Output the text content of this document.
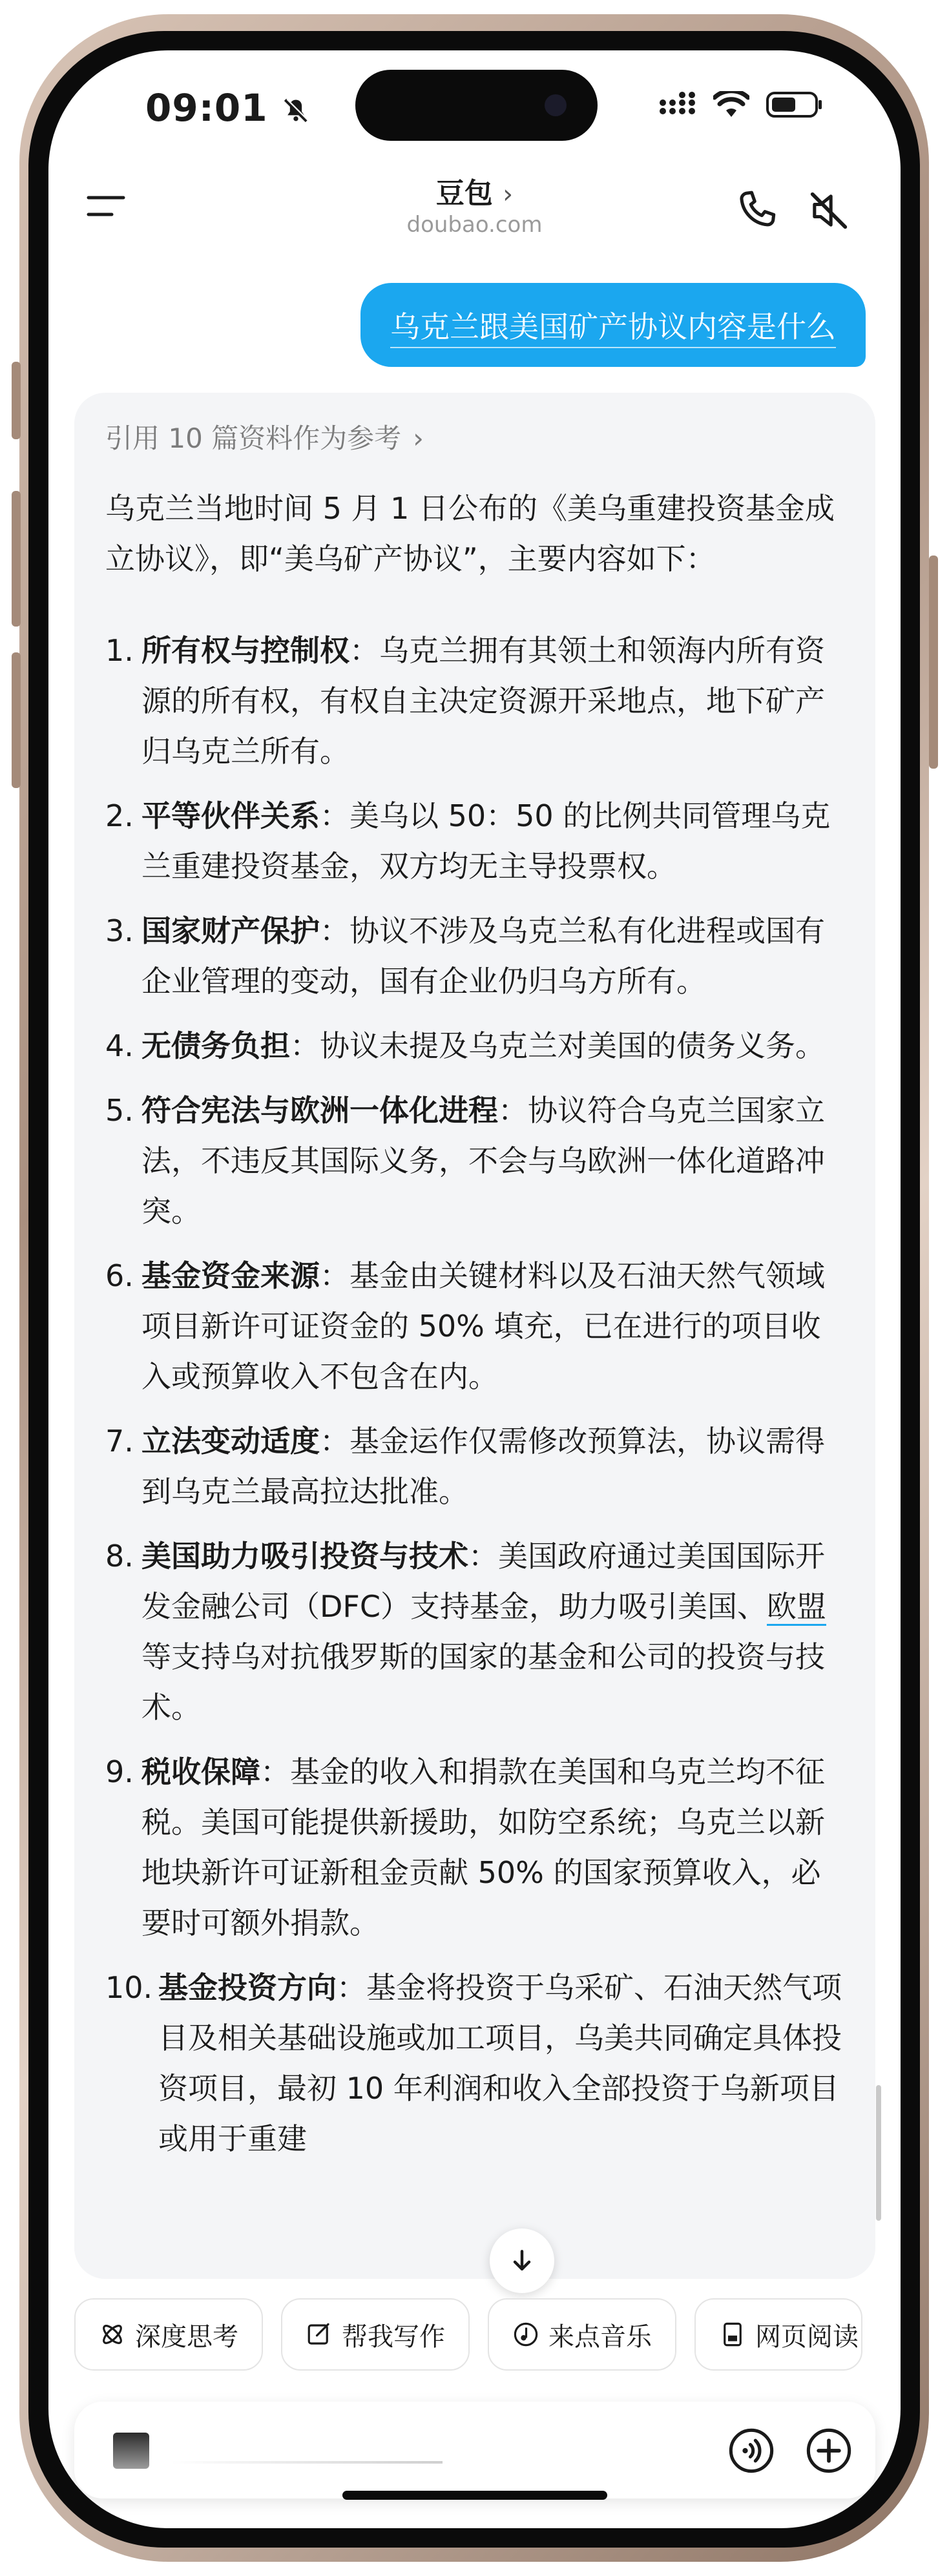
09:01
豆包 ›
doubao.com
乌克兰跟美国矿产协议内容是什么
引用 10 篇资料作为参考 ›
乌克兰当地时间 5 月 1 日公布的《美乌重建投资基金成立协议》，即“美乌矿产协议”，主要内容如下：
1. 所有权与控制权：乌克兰拥有其领土和领海内所有资源的所有权，有权自主决定资源开采地点，地下矿产归乌克兰所有。
2. 平等伙伴关系：美乌以 50：50 的比例共同管理乌克兰重建投资基金，双方均无主导投票权。
3. 国家财产保护：协议不涉及乌克兰私有化进程或国有企业管理的变动，国有企业仍归乌方所有。
4. 无债务负担：协议未提及乌克兰对美国的债务义务。
5. 符合宪法与欧洲一体化进程：协议符合乌克兰国家立法，不违反其国际义务，不会与乌欧洲一体化道路冲突。
6. 基金资金来源：基金由关键材料以及石油天然气领域项目新许可证资金的 50% 填充，已在进行的项目收入或预算收入不包含在内。
7. 立法变动适度：基金运作仅需修改预算法，协议需得到乌克兰最高拉达批准。
8. 美国助力吸引投资与技术：美国政府通过美国国际开发金融公司（DFC）支持基金，助力吸引美国、欧盟等支持乌对抗俄罗斯的国家的基金和公司的投资与技术。
9. 税收保障：基金的收入和捐款在美国和乌克兰均不征税。美国可能提供新援助，如防空系统；乌克兰以新地块新许可证新租金贡献 50% 的国家预算收入，必要时可额外捐款。
10. 基金投资方向：基金将投资于乌采矿、石油天然气项目及相关基础设施或加工项目，乌美共同确定具体投资项目，最初 10 年利润和收入全部投资于乌新项目或用于重建
深度思考	帮我写作	来点音乐	网页阅读
